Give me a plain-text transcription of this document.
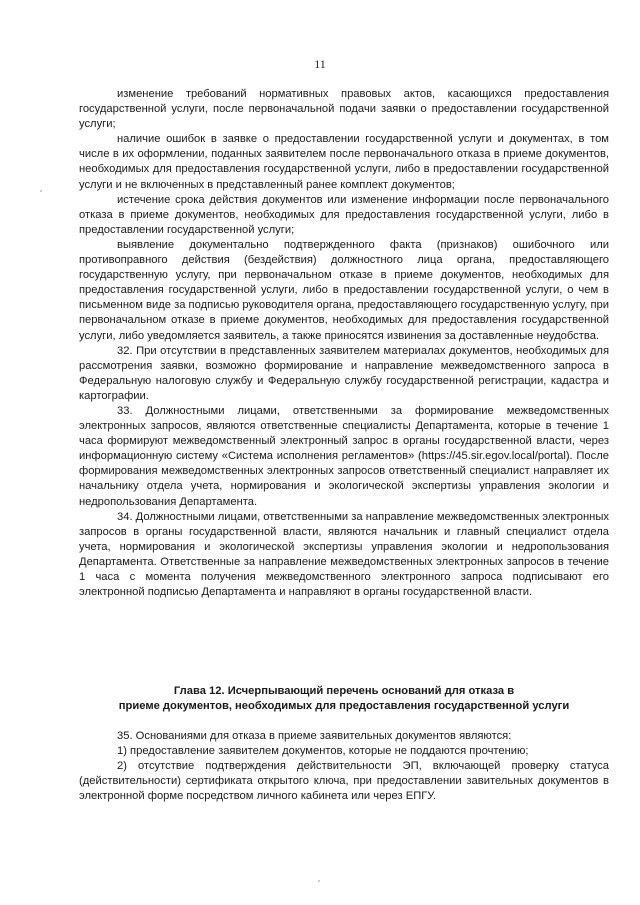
11

изменение требований нормативных правовых актов, касающихся предоставления государственной услуги, после первоначальной подачи заявки о предоставлении государственной услуги;

наличие ошибок в заявке о предоставлении государственной услуги и документах, в том числе в их оформлении, поданных заявителем после первоначального отказа в приеме документов, необходимых для предоставления государственной услуги, либо в предоставлении государственной услуги и не включенных в представленный ранее комплект документов;

истечение срока действия документов или изменение информации после первоначального отказа в приеме документов, необходимых для предоставления государственной услуги, либо в предоставлении государственной услуги;

выявление документально подтвержденного факта (признаков) ошибочного или противоправного действия (бездействия) должностного лица органа, предоставляющего государственную услугу, при первоначальном отказе в приеме документов, необходимых для предоставления государственной услуги, либо в предоставлении государственной услуги, о чем в письменном виде за подписью руководителя органа, предоставляющего государственную услугу, при первоначальном отказе в приеме документов, необходимых для предоставления государственной услуги, либо уведомляется заявитель, а также приносятся извинения за доставленные неудобства.

32. При отсутствии в представленных заявителем материалах документов, необходимых для рассмотрения заявки, возможно формирование и направление межведомственного запроса в Федеральную налоговую службу и Федеральную службу государственной регистрации, кадастра и картографии.

33. Должностными лицами, ответственными за формирование межведомственных электронных запросов, являются ответственные специалисты Департамента, которые в течение 1 часа формируют межведомственный электронный запрос в органы государственной власти, через информационную систему «Система исполнения регламентов» (https://45.sir.egov.local/portal). После формирования межведомственных электронных запросов ответственный специалист направляет их начальнику отдела учета, нормирования и экологической экспертизы управления экологии и недропользования Департамента.

34. Должностными лицами, ответственными за направление межведомственных электронных запросов в органы государственной власти, являются начальник и главный специалист отдела учета, нормирования и экологической экспертизы управления экологии и недропользования Департамента. Ответственные за направление межведомственных электронных запросов в течение 1 часа с момента получения межведомственного электронного запроса подписывают его электронной подписью Департамента и направляют в органы государственной власти.

Глава 12. Исчерпывающий перечень оснований для отказа в
приеме документов, необходимых для предоставления государственной услуги

35. Основаниями для отказа в приеме заявительных документов являются:

1) предоставление заявителем документов, которые не поддаются прочтению;

2) отсутствие подтверждения действительности ЭП, включающей проверку статуса (действительности) сертификата открытого ключа, при предоставлении завительных документов в электронной форме посредством личного кабинета или через ЕПГУ.
